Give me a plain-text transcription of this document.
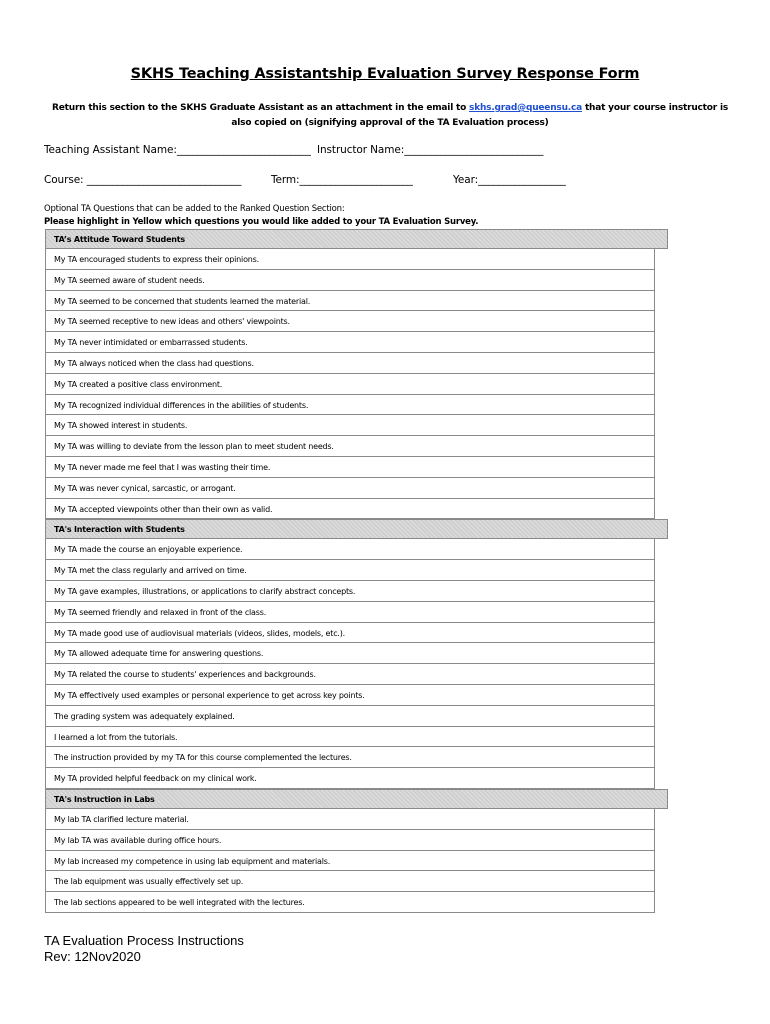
SKHS Teaching Assistantship Evaluation Survey Response Form
Return this section to the SKHS Graduate Assistant as an attachment in the email to skhs.grad@queensu.ca that your course instructor is also copied on (signifying approval of the TA Evaluation process)
Teaching Assistant Name:__________________________ Instructor Name:___________________________
Course: ______________________________	Term:______________________	Year:_________________
Optional TA Questions that can be added to the Ranked Question Section:
Please highlight in Yellow which questions you would like added to your TA Evaluation Survey.
TA’s Attitude Toward Students
My TA encouraged students to express their opinions.
My TA seemed aware of student needs.
My TA seemed to be concerned that students learned the material.
My TA seemed receptive to new ideas and others' viewpoints.
My TA never intimidated or embarrassed students.
My TA always noticed when the class had questions.
My TA created a positive class environment.
My TA recognized individual differences in the abilities of students.
My TA showed interest in students.
My TA was willing to deviate from the lesson plan to meet student needs.
My TA never made me feel that I was wasting their time.
My TA was never cynical, sarcastic, or arrogant.
My TA accepted viewpoints other than their own as valid.
TA's Interaction with Students
My TA made the course an enjoyable experience.
My TA met the class regularly and arrived on time.
My TA gave examples, illustrations, or applications to clarify abstract concepts.
My TA seemed friendly and relaxed in front of the class.
My TA made good use of audiovisual materials (videos, slides, models, etc.).
My TA allowed adequate time for answering questions.
My TA related the course to students' experiences and backgrounds.
My TA effectively used examples or personal experience to get across key points.
The grading system was adequately explained.
I learned a lot from the tutorials.
The instruction provided by my TA for this course complemented the lectures.
My TA provided helpful feedback on my clinical work.
TA's Instruction in Labs
My lab TA clarified lecture material.
My lab TA was available during office hours.
My lab increased my competence in using lab equipment and materials.
The lab equipment was usually effectively set up.
The lab sections appeared to be well integrated with the lectures.
TA Evaluation Process Instructions
Rev: 12Nov2020
